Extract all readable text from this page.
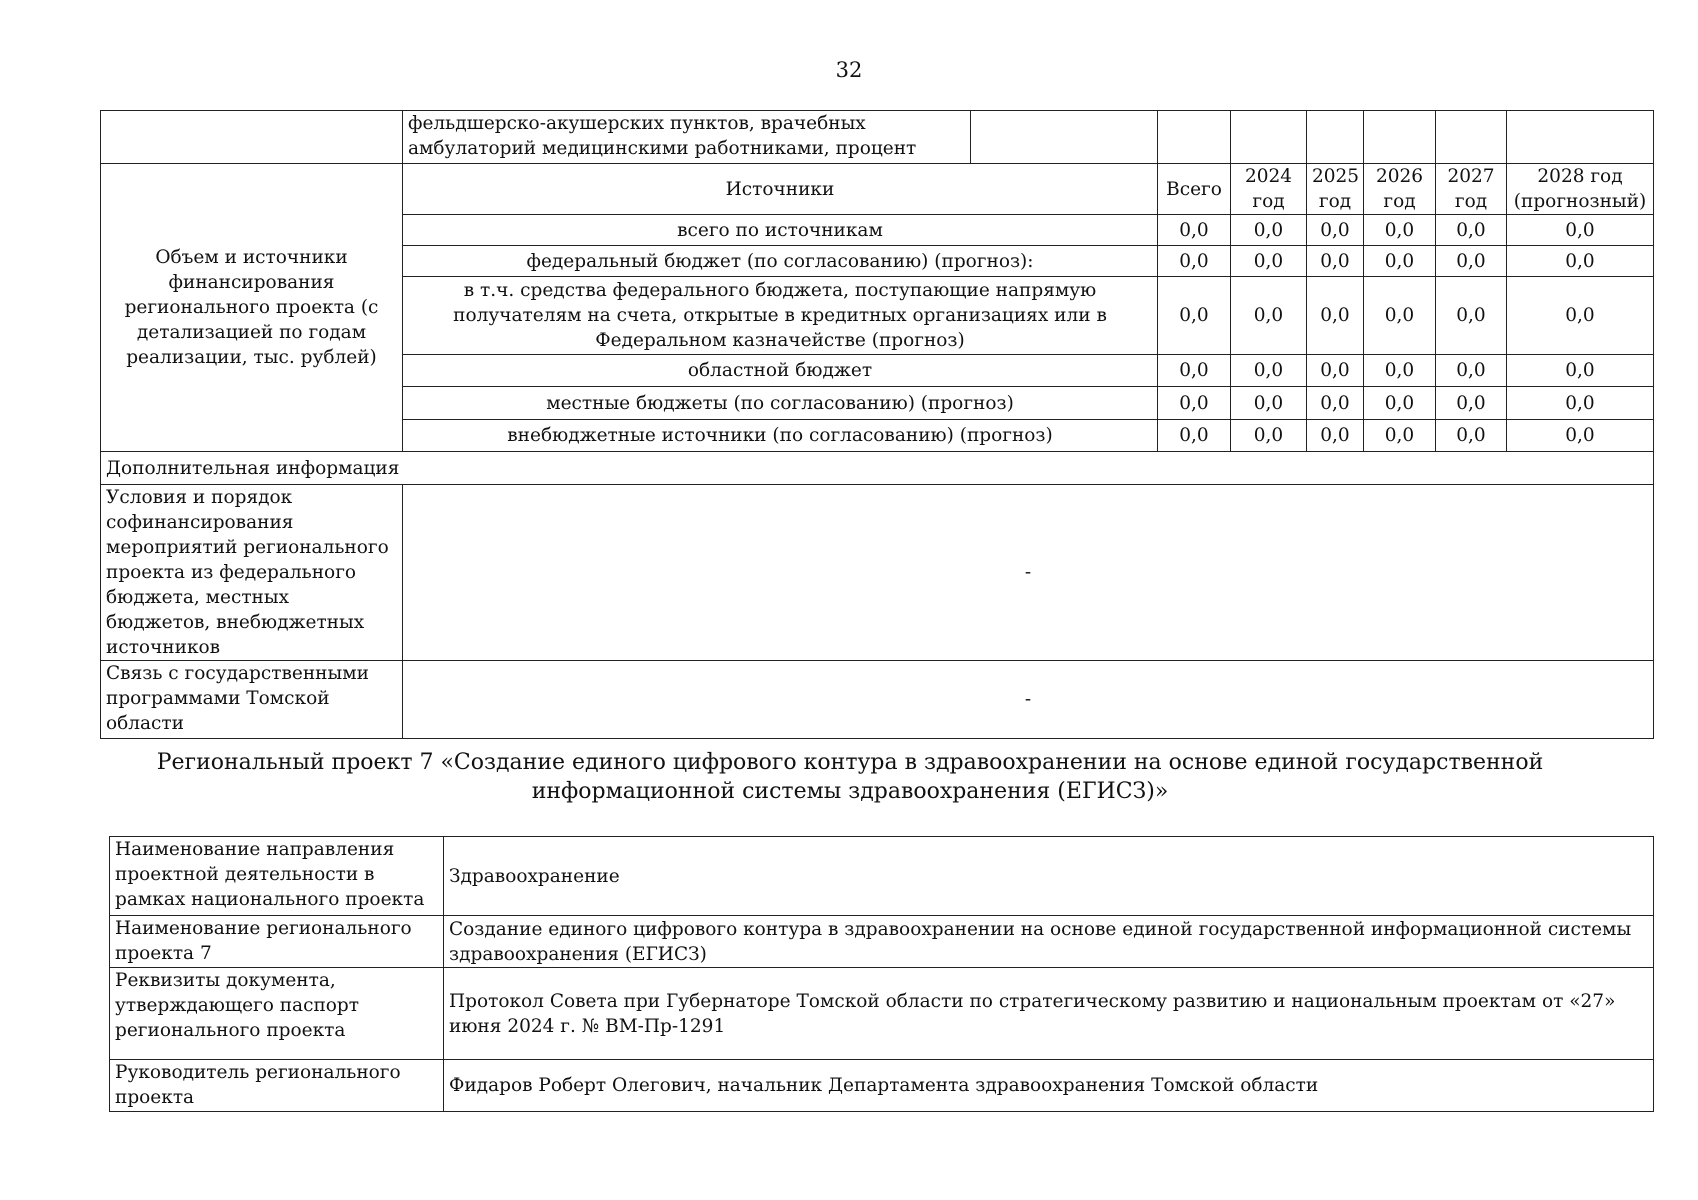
32
	фельдшерско-акушерских пунктов, врачебных амбулаторий медицинскими работниками, процент							
Объем и источники финансирования регионального проекта (с детализацией по годам реализации, тыс. рублей)	Источники		Всего	2024 год	2025 год	2026 год	2027 год	2028 год (прогнозный)
	всего по источникам		0,0	0,0	0,0	0,0	0,0	0,0
	федеральный бюджет (по согласованию) (прогноз):		0,0	0,0	0,0	0,0	0,0	0,0
	в т.ч. средства федерального бюджета, поступающие напрямую получателям на счета, открытые в кредитных организациях или в Федеральном казначействе (прогноз)		0,0	0,0	0,0	0,0	0,0	0,0
	областной бюджет		0,0	0,0	0,0	0,0	0,0	0,0
	местные бюджеты (по согласованию) (прогноз)		0,0	0,0	0,0	0,0	0,0	0,0
	внебюджетные источники (по согласованию) (прогноз)		0,0	0,0	0,0	0,0	0,0	0,0
Дополнительная информация								
Условия и порядок софинансирования мероприятий регионального проекта из федерального бюджета, местных бюджетов, внебюджетных источников	-							
Связь с государственными программами Томской области	-							
Региональный проект 7 «Создание единого цифрового контура в здравоохранении на основе единой государственной информационной системы здравоохранения (ЕГИСЗ)»
Наименование направления проектной деятельности в рамках национального проекта	Здравоохранение
Наименование регионального проекта 7	Создание единого цифрового контура в здравоохранении на основе единой государственной информационной системы здравоохранения (ЕГИСЗ)
Реквизиты документа, утверждающего паспорт регионального проекта	Протокол Совета при Губернаторе Томской области по стратегическому развитию и национальным проектам от «27» июня 2024 г. № ВМ-Пр-1291
Руководитель регионального проекта	Фидаров Роберт Олегович, начальник Департамента здравоохранения Томской области
